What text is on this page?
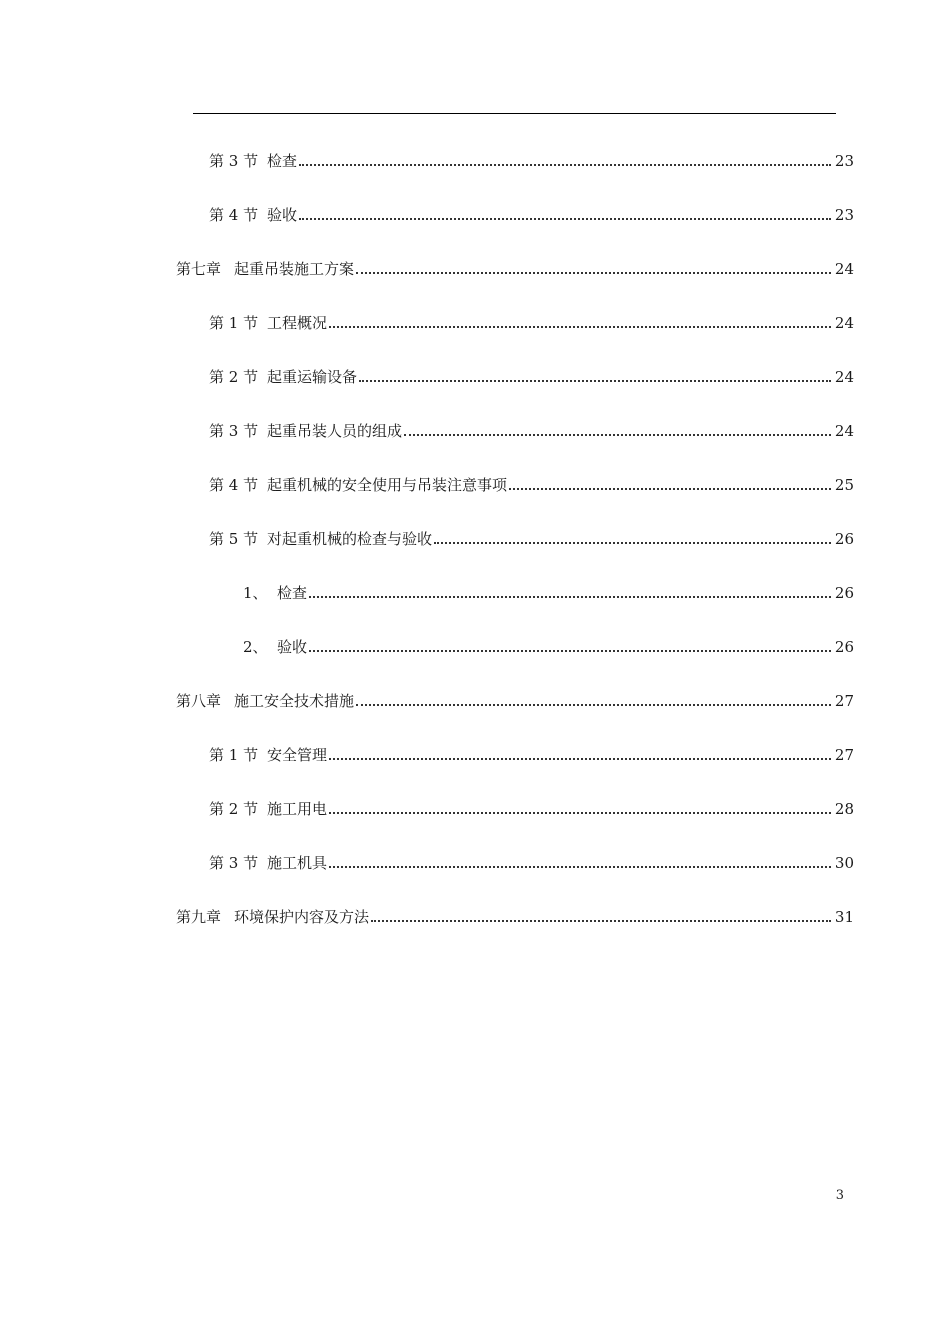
第 3 节 检查	23
第 4 节 验收	23
第七章 起重吊装施工方案	24
第 1 节 工程概况	24
第 2 节 起重运输设备	24
第 3 节 起重吊装人员的组成	24
第 4 节 起重机械的安全使用与吊装注意事项	25
第 5 节 对起重机械的检查与验收	26
1、 检查	26
2、 验收	26
第八章 施工安全技术措施	27
第 1 节 安全管理	27
第 2 节 施工用电	28
第 3 节 施工机具	30
第九章 环境保护内容及方法	31
3
